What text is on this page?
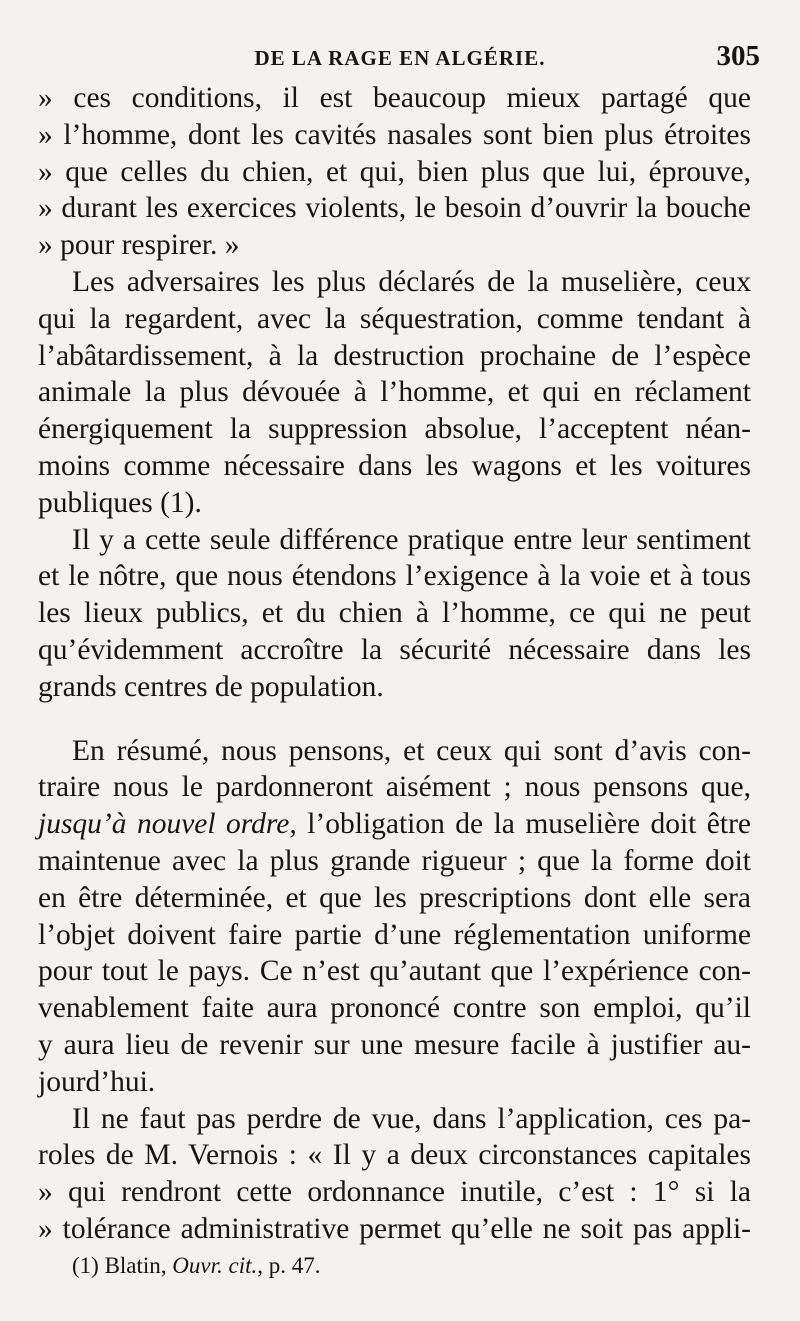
DE LA RAGE EN ALGÉRIE.	305
» ces conditions, il est beaucoup mieux partagé que
» l’homme, dont les cavités nasales sont bien plus étroites
» que celles du chien, et qui, bien plus que lui, éprouve,
» durant les exercices violents, le besoin d’ouvrir la bouche
» pour respirer. »
Les adversaires les plus déclarés de la muselière, ceux
qui la regardent, avec la séquestration, comme tendant à
l’abâtardissement, à la destruction prochaine de l’espèce
animale la plus dévouée à l’homme, et qui en réclament
énergiquement la suppression absolue, l’acceptent néan-
moins comme nécessaire dans les wagons et les voitures
publiques (1).
Il y a cette seule différence pratique entre leur sentiment
et le nôtre, que nous étendons l’exigence à la voie et à tous
les lieux publics, et du chien à l’homme, ce qui ne peut
qu’évidemment accroître la sécurité nécessaire dans les
grands centres de population.
En résumé, nous pensons, et ceux qui sont d’avis con-
traire nous le pardonneront aisément ; nous pensons que,
jusqu’à nouvel ordre, l’obligation de la muselière doit être
maintenue avec la plus grande rigueur ; que la forme doit
en être déterminée, et que les prescriptions dont elle sera
l’objet doivent faire partie d’une réglementation uniforme
pour tout le pays. Ce n’est qu’autant que l’expérience con-
venablement faite aura prononcé contre son emploi, qu’il
y aura lieu de revenir sur une mesure facile à justifier au-
jourd’hui.
Il ne faut pas perdre de vue, dans l’application, ces pa-
roles de M. Vernois : « Il y a deux circonstances capitales
» qui rendront cette ordonnance inutile, c’est : 1° si la
» tolérance administrative permet qu’elle ne soit pas appli-
(1) Blatin, Ouvr. cit., p. 47.
